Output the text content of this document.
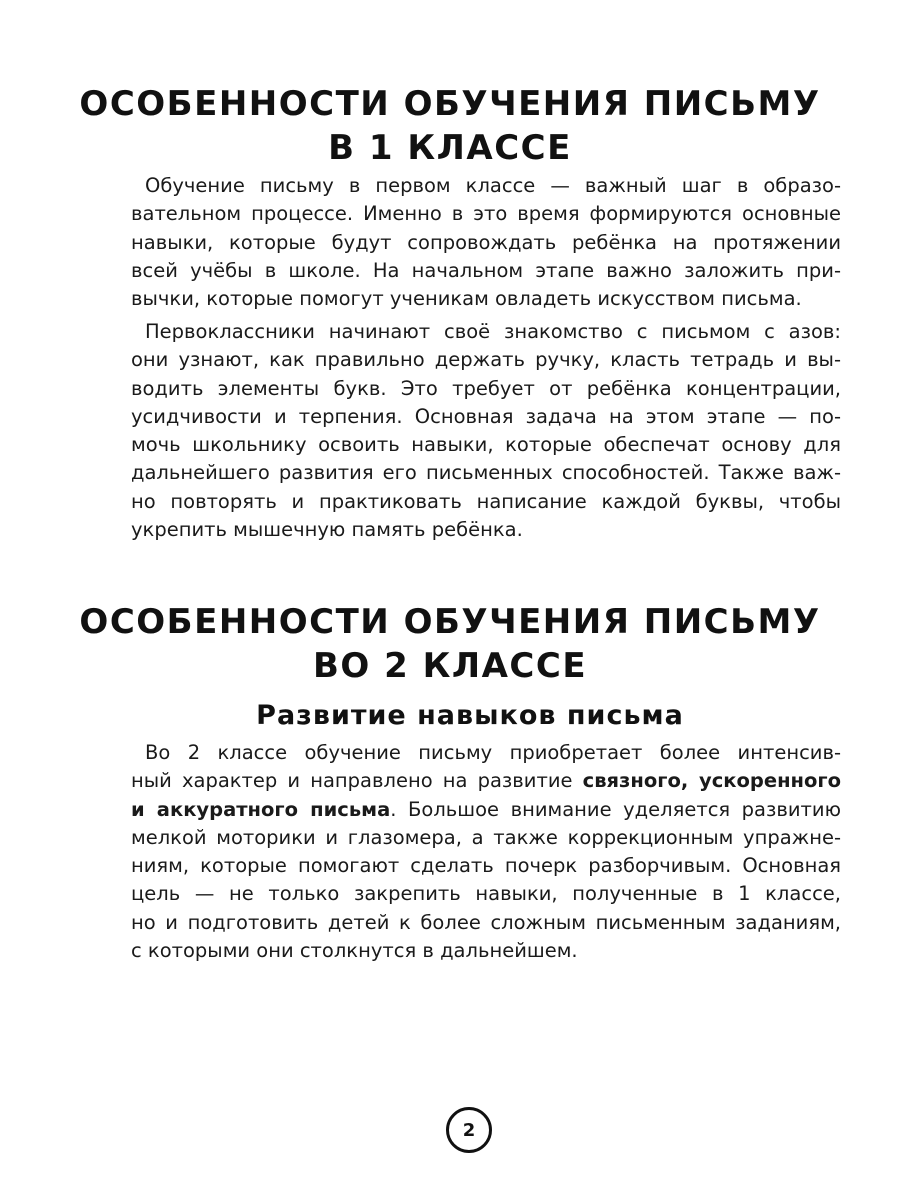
ОСОБЕННОСТИ ОБУЧЕНИЯ ПИСЬМУ
В 1 КЛАССЕ

Обучение письму в первом классе — важный шаг в образо-
вательном процессе. Именно в это время формируются основные
навыки, которые будут сопровождать ребёнка на протяжении
всей учёбы в школе. На начальном этапе важно заложить при-
вычки, которые помогут ученикам овладеть искусством письма.

Первоклассники начинают своё знакомство с письмом с азов:
они узнают, как правильно держать ручку, класть тетрадь и вы-
водить элементы букв. Это требует от ребёнка концентрации,
усидчивости и терпения. Основная задача на этом этапе — по-
мочь школьнику освоить навыки, которые обеспечат основу для
дальнейшего развития его письменных способностей. Также важ-
но повторять и практиковать написание каждой буквы, чтобы
укрепить мышечную память ребёнка.

ОСОБЕННОСТИ ОБУЧЕНИЯ ПИСЬМУ
ВО 2 КЛАССЕ
Развитие навыков письма

Во 2 классе обучение письму приобретает более интенсив-
ный характер и направлено на развитие связного, ускоренного
и аккуратного письма. Большое внимание уделяется развитию
мелкой моторики и глазомера, а также коррекционным упражне-
ниям, которые помогают сделать почерк разборчивым. Основная
цель — не только закрепить навыки, полученные в 1 классе,
но и подготовить детей к более сложным письменным заданиям,
с которыми они столкнутся в дальнейшем.

2
